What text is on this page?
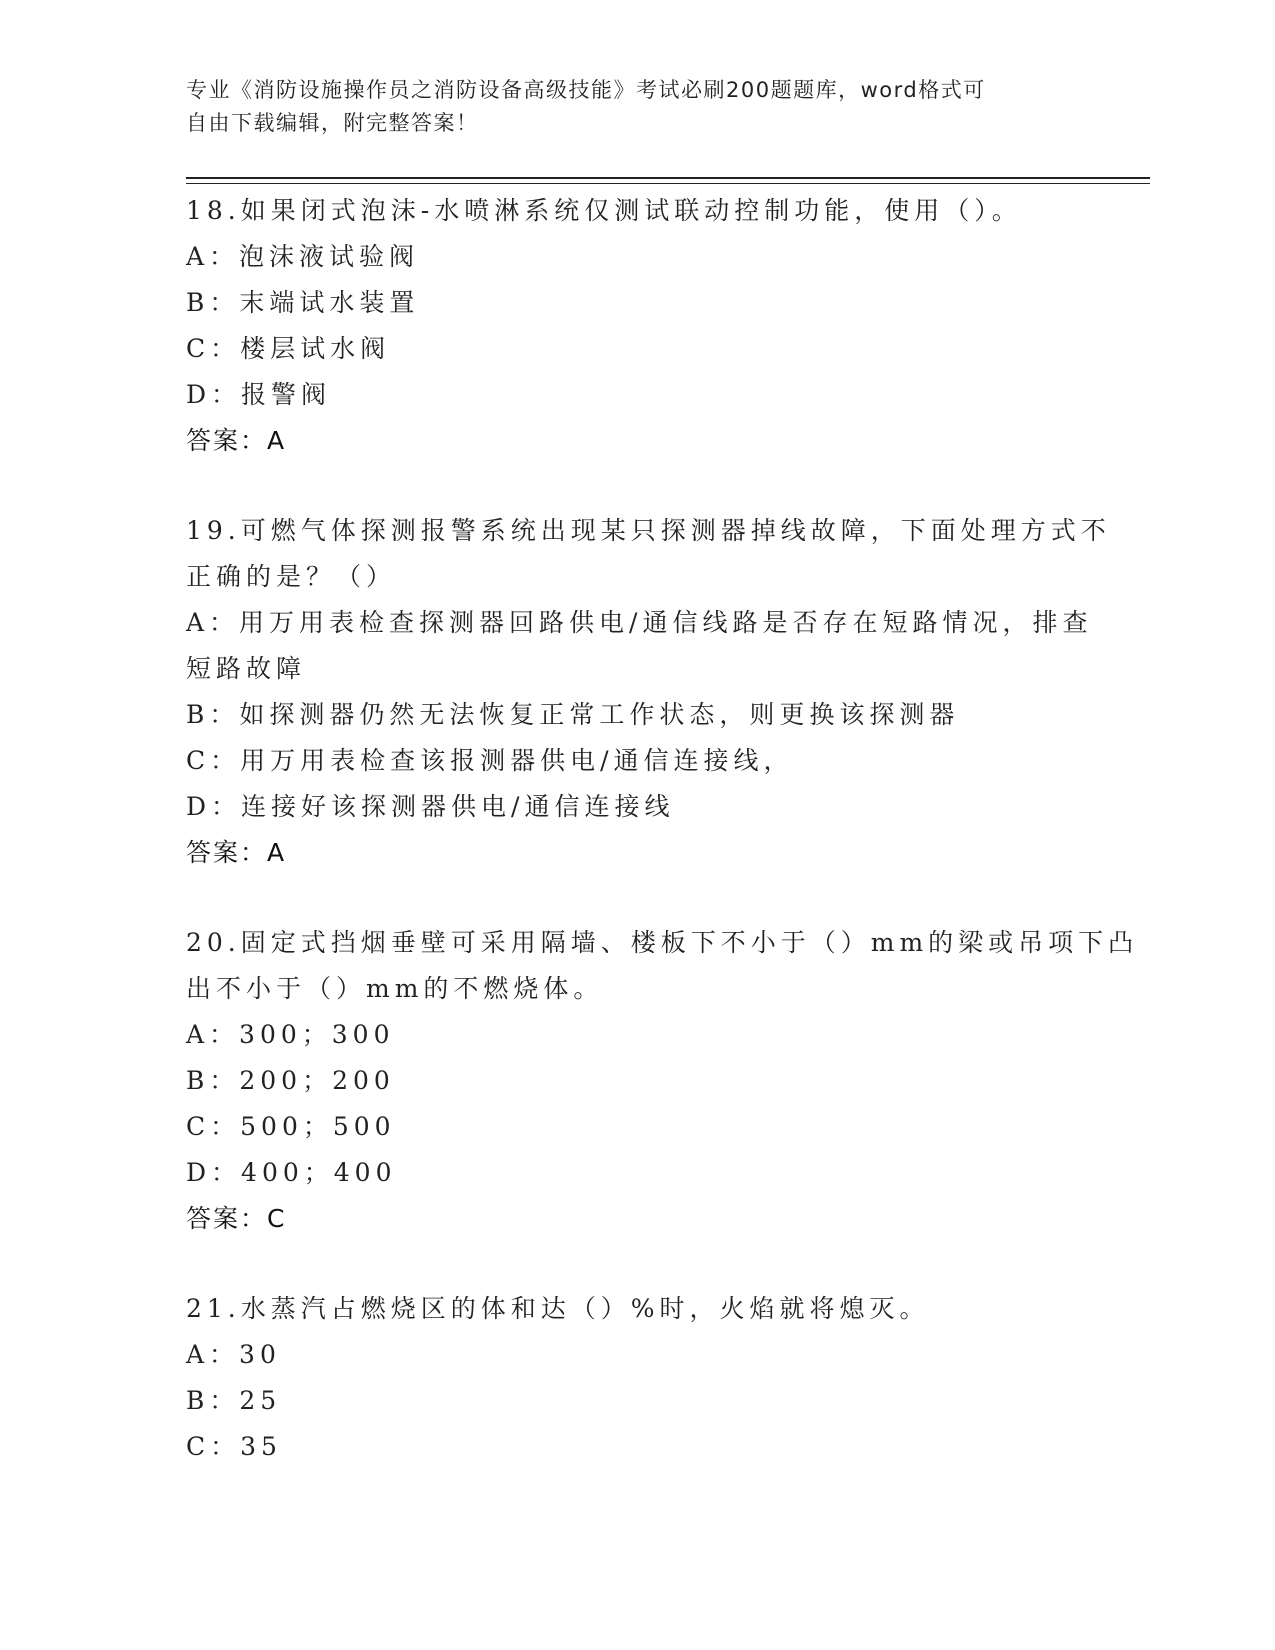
专业《消防设施操作员之消防设备高级技能》考试必刷200题题库，word格式可
自由下载编辑，附完整答案！
18.如果闭式泡沫-水喷淋系统仅测试联动控制功能，使用（）。
A：泡沫液试验阀
B：末端试水装置
C：楼层试水阀
D：报警阀
答案：A
19.可燃气体探测报警系统出现某只探测器掉线故障，下面处理方式不
正确的是？（）
A：用万用表检查探测器回路供电/通信线路是否存在短路情况，排查
短路故障
B：如探测器仍然无法恢复正常工作状态，则更换该探测器
C：用万用表检查该报测器供电/通信连接线，
D：连接好该探测器供电/通信连接线
答案：A
20.固定式挡烟垂壁可采用隔墙、楼板下不小于（）mm的梁或吊项下凸
出不小于（）mm的不燃烧体。
A：300；300
B：200；200
C：500；500
D：400；400
答案：C
21.水蒸汽占燃烧区的体和达（）%时，火焰就将熄灭。
A：30
B：25
C：35
